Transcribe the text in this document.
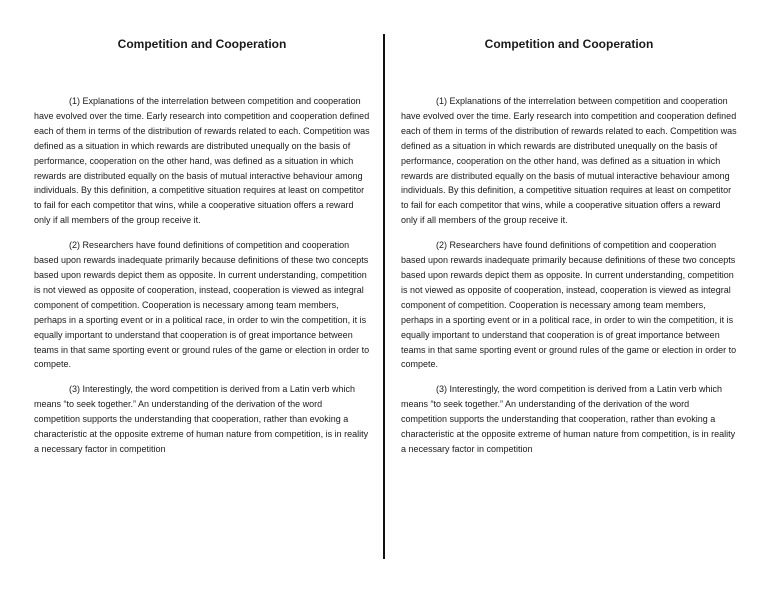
Competition and Cooperation

(1) Explanations of the interrelation between competition and cooperation have evolved over the time. Early research into competition and cooperation defined each of them in terms of the distribution of rewards related to each. Competition was defined as a situation in which rewards are distributed unequally on the basis of performance, cooperation on the other hand, was defined as a situation in which rewards are distributed equally on the basis of mutual interactive behaviour among individuals. By this definition, a competitive situation requires at least on competitor to fail for each competitor that wins, while a cooperative situation offers a reward only if all members of the group receive it.

(2) Researchers have found definitions of competition and cooperation based upon rewards inadequate primarily because definitions of these two concepts based upon rewards depict them as opposite. In current understanding, competition is not viewed as opposite of cooperation, instead, cooperation is viewed as integral component of competition. Cooperation is necessary among team members, perhaps in a sporting event or in a political race, in order to win the competition, it is equally important to understand that cooperation is of great importance between teams in that same sporting event or ground rules of the game or election in order to compete.

(3) Interestingly, the word competition is derived from a Latin verb which means “to seek together.” An understanding of the derivation of the word competition supports the understanding that cooperation, rather than evoking a characteristic at the opposite extreme of human nature from competition, is in reality a necessary factor in competition

Competition and Cooperation

(1) Explanations of the interrelation between competition and cooperation have evolved over the time. Early research into competition and cooperation defined each of them in terms of the distribution of rewards related to each. Competition was defined as a situation in which rewards are distributed unequally on the basis of performance, cooperation on the other hand, was defined as a situation in which rewards are distributed equally on the basis of mutual interactive behaviour among individuals. By this definition, a competitive situation requires at least on competitor to fail for each competitor that wins, while a cooperative situation offers a reward only if all members of the group receive it.

(2) Researchers have found definitions of competition and cooperation based upon rewards inadequate primarily because definitions of these two concepts based upon rewards depict them as opposite. In current understanding, competition is not viewed as opposite of cooperation, instead, cooperation is viewed as integral component of competition. Cooperation is necessary among team members, perhaps in a sporting event or in a political race, in order to win the competition, it is equally important to understand that cooperation is of great importance between teams in that same sporting event or ground rules of the game or election in order to compete.

(3) Interestingly, the word competition is derived from a Latin verb which means “to seek together.” An understanding of the derivation of the word competition supports the understanding that cooperation, rather than evoking a characteristic at the opposite extreme of human nature from competition, is in reality a necessary factor in competition
